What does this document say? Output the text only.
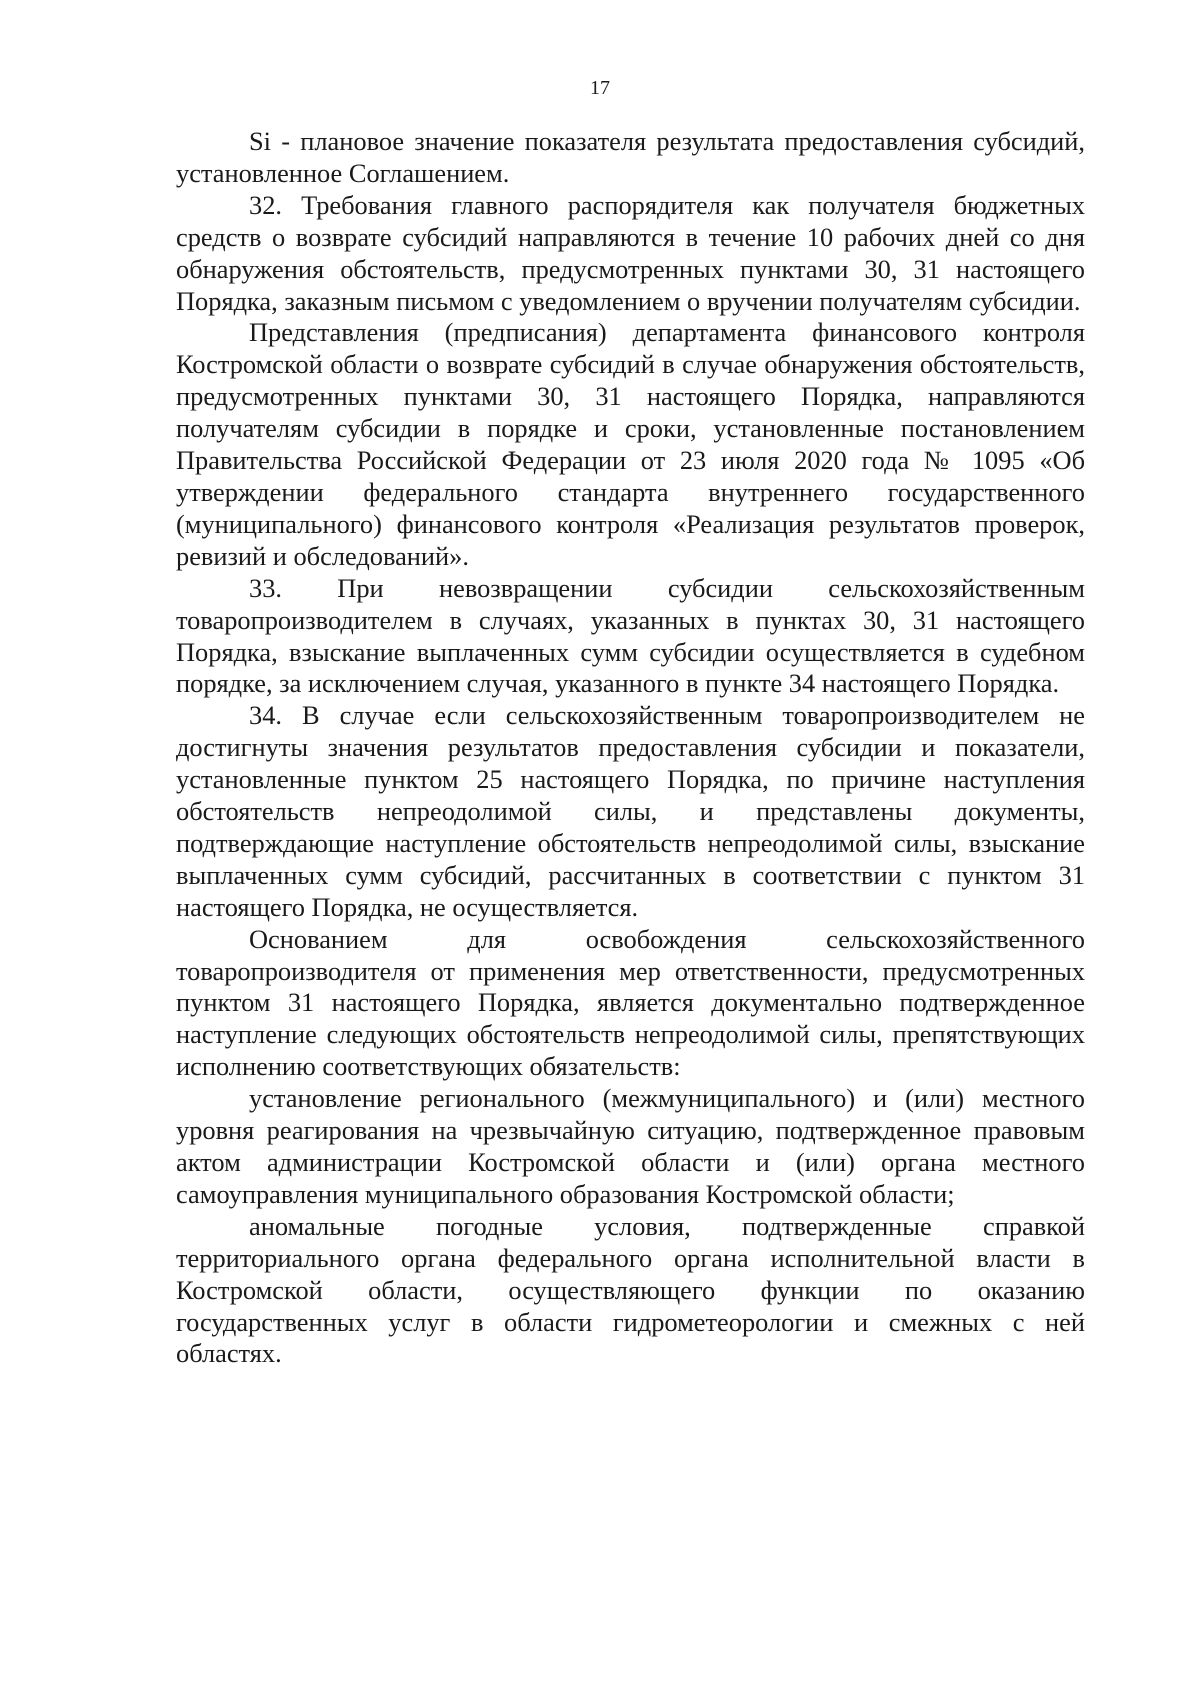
17

Si - плановое значение показателя результата предоставления субсидий, установленное Соглашением.

32. Требования главного распорядителя как получателя бюджетных средств о возврате субсидий направляются в течение 10 рабочих дней со дня обнаружения обстоятельств, предусмотренных пунктами 30, 31 настоящего Порядка, заказным письмом с уведомлением о вручении получателям субсидии.

Представления (предписания) департамента финансового контроля Костромской области о возврате субсидий в случае обнаружения обстоятельств, предусмотренных пунктами 30, 31 настоящего Порядка, направляются получателям субсидии в порядке и сроки, установленные постановлением Правительства Российской Федерации от 23 июля 2020 года № 1095 «Об утверждении федерального стандарта внутреннего государственного (муниципального) финансового контроля «Реализация результатов проверок, ревизий и обследований».

33. При невозвращении субсидии сельскохозяйственным товаропроизводителем в случаях, указанных в пунктах 30, 31 настоящего Порядка, взыскание выплаченных сумм субсидии осуществляется в судебном порядке, за исключением случая, указанного в пункте 34 настоящего Порядка.

34. В случае если сельскохозяйственным товаропроизводителем не достигнуты значения результатов предоставления субсидии и показатели, установленные пунктом 25 настоящего Порядка, по причине наступления обстоятельств непреодолимой силы, и представлены документы, подтверждающие наступление обстоятельств непреодолимой силы, взыскание выплаченных сумм субсидий, рассчитанных в соответствии с пунктом 31 настоящего Порядка, не осуществляется.

Основанием для освобождения сельскохозяйственного товаропроизводителя от применения мер ответственности, предусмотренных пунктом 31 настоящего Порядка, является документально подтвержденное наступление следующих обстоятельств непреодолимой силы, препятствующих исполнению соответствующих обязательств:

установление регионального (межмуниципального) и (или) местного уровня реагирования на чрезвычайную ситуацию, подтвержденное правовым актом администрации Костромской области и (или) органа местного самоуправления муниципального образования Костромской области;

аномальные погодные условия, подтвержденные справкой территориального органа федерального органа исполнительной власти в Костромской области, осуществляющего функции по оказанию государственных услуг в области гидрометеорологии и смежных с ней областях.
